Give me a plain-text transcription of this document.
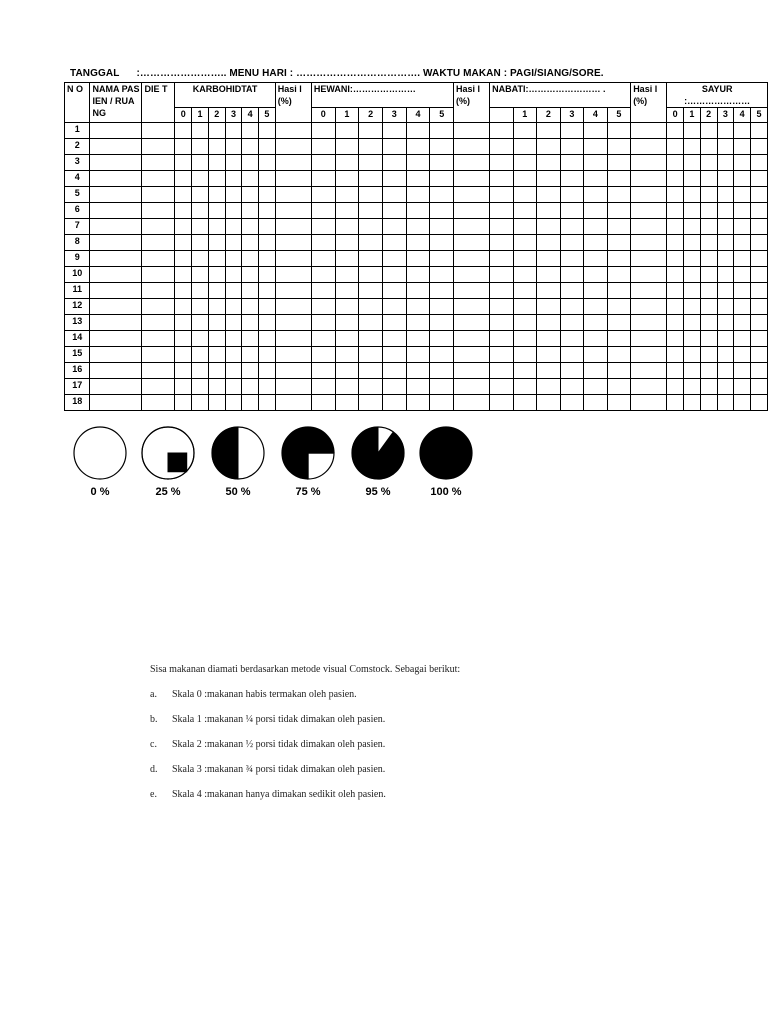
TANGGAL      :…………………….. MENU HARI : ………………………………. WAKTU MAKAN : PAGI/SIANG/SORE.
N O	NAMA PASIEN / RUANG	DIE T	KARBOHIDTAT						Hasi l (%)	HEWANI:…………………						Hasi l (%)	NABATI:…………………… .						Hasi l (%)	SAYUR :…………………					
			0	1	2	3	4	5		0	1	2	3	4	5			1	2	3	4	5		0	1	2	3	4	5
1																													
2																													
3																													
4																													
5																													
6																													
7																													
8																													
9																													
10																													
11																													
12																													
13																													
14																													
15																													
16																													
17																													
18																													
0 %	25 %	50 %	75 %	95 %	100 %

Sisa makanan diamati berdasarkan metode visual Comstock. Sebagai berikut:

a.	Skala 0 :makanan habis termakan oleh pasien.

b.	Skala 1 :makanan ¼ porsi tidak dimakan oleh pasien.

c.	Skala 2 :makanan ½ porsi tidak dimakan oleh pasien.

d.	Skala 3 :makanan ¾ porsi tidak dimakan oleh pasien.

e.	Skala 4 :makanan hanya dimakan sedikit oleh pasien.
